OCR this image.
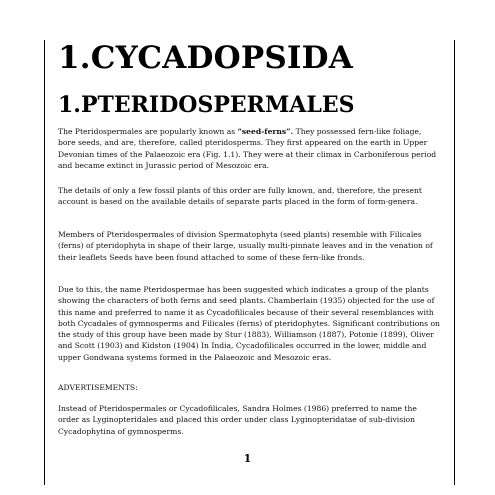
1.CYCADOPSIDA
1.PTERIDOSPERMALES

The Pteridospermales are popularly known as “seed-ferns”. They possessed fern-like foliage, bore seeds, and are, therefore, called pteridosperms. They first appeared on the earth in Upper Devonian times of the Palaeozoic era (Fig. 1.1). They were at their climax in Carboniferous period and became extinct in Jurassic period of Mesozoic era.

The details of only a few fossil plants of this order are fully known, and, therefore, the present account is based on the available details of separate parts placed in the form of form-genera.

Members of Pteridospermales of division Spermatophyta (seed plants) resemble with Filicales (ferns) of pteridophyta in shape of their large, usually multi-pinnate leaves and in the venation of their leaflets Seeds have been found attached to some of these fern-like fronds.

Due to this, the name Pteridospermae has been suggested which indicates a group of the plants showing the characters of both ferns and seed plants. Chamberlain (1935) objected for the use of this name and preferred to name it as Cycadofilicales because of their several resemblances with both Cycadales of gymnosperms and Filicales (ferns) of pteridophytes. Significant contributions on the study of this group have been made by Stur (1883), Williamson (1887), Potonie (1899), Oliver and Scott (1903) and Kidston (1904) In India, Cycadofilicales occurred in the lower, middle and upper Gondwana systems formed in the Palaeozoic and Mesozoic eras.

ADVERTISEMENTS:

Instead of Pteridospermales or Cycadofilicales, Sandra Holmes (1986) preferred to name the order as Lyginopteridales and placed this order under class Lyginopteridatae of sub-division Cycadophytina of gymnosperms.

1
